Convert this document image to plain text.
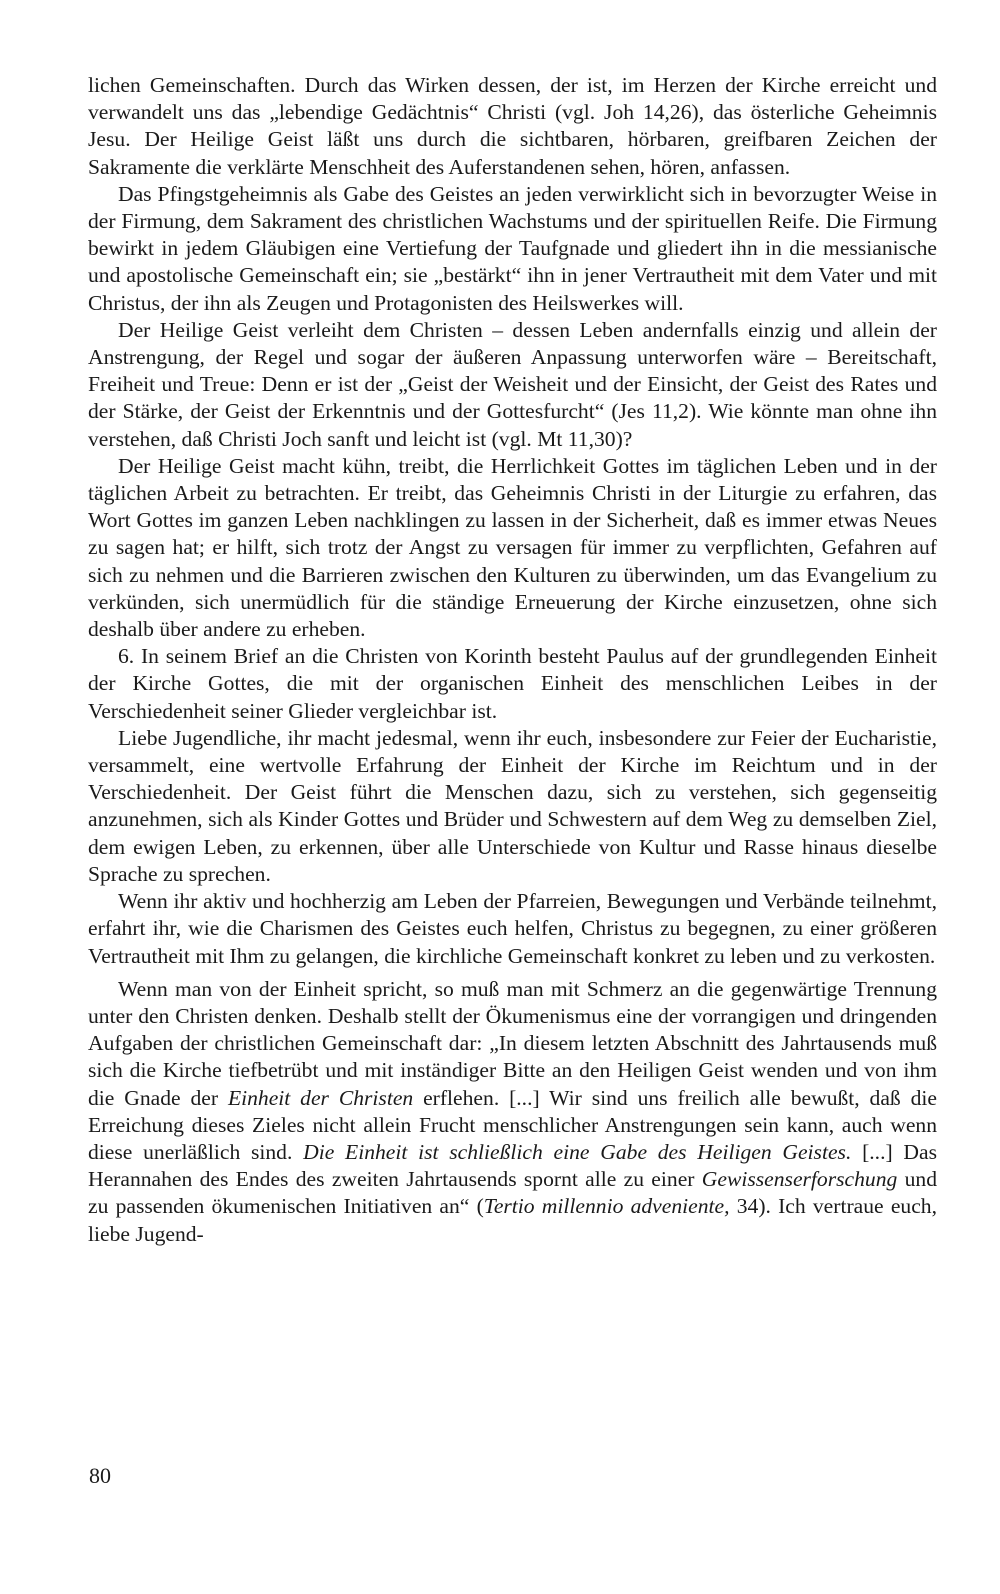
lichen Gemeinschaften. Durch das Wirken dessen, der ist, im Herzen der Kirche erreicht und verwandelt uns das „lebendige Gedächtnis“ Christi (vgl. Joh 14,26), das österliche Geheimnis Jesu. Der Heilige Geist läßt uns durch die sichtbaren, hörbaren, greifbaren Zeichen der Sakramente die verklärte Menschheit des Auferstandenen sehen, hören, anfassen.

Das Pfingstgeheimnis als Gabe des Geistes an jeden verwirklicht sich in bevorzugter Weise in der Firmung, dem Sakrament des christlichen Wachstums und der spirituellen Reife. Die Firmung bewirkt in jedem Gläubigen eine Vertiefung der Taufgnade und gliedert ihn in die messianische und apostolische Gemeinschaft ein; sie „bestärkt“ ihn in jener Vertrautheit mit dem Vater und mit Christus, der ihn als Zeugen und Protagonisten des Heilswerkes will.

Der Heilige Geist verleiht dem Christen – dessen Leben andernfalls einzig und allein der Anstrengung, der Regel und sogar der äußeren Anpassung unterworfen wäre – Bereitschaft, Freiheit und Treue: Denn er ist der „Geist der Weisheit und der Einsicht, der Geist des Rates und der Stärke, der Geist der Erkenntnis und der Gottesfurcht“ (Jes 11,2). Wie könnte man ohne ihn verstehen, daß Christi Joch sanft und leicht ist (vgl. Mt 11,30)?

Der Heilige Geist macht kühn, treibt, die Herrlichkeit Gottes im täglichen Leben und in der täglichen Arbeit zu betrachten. Er treibt, das Geheimnis Christi in der Liturgie zu erfahren, das Wort Gottes im ganzen Leben nachklingen zu lassen in der Sicherheit, daß es immer etwas Neues zu sagen hat; er hilft, sich trotz der Angst zu versagen für immer zu verpflichten, Gefahren auf sich zu nehmen und die Barrieren zwischen den Kulturen zu überwinden, um das Evangelium zu verkünden, sich unermüdlich für die ständige Erneuerung der Kirche einzusetzen, ohne sich deshalb über andere zu erheben.

6. In seinem Brief an die Christen von Korinth besteht Paulus auf der grundlegenden Einheit der Kirche Gottes, die mit der organischen Einheit des menschlichen Leibes in der Verschiedenheit seiner Glieder vergleichbar ist.

Liebe Jugendliche, ihr macht jedesmal, wenn ihr euch, insbesondere zur Feier der Eucharistie, versammelt, eine wertvolle Erfahrung der Einheit der Kirche im Reichtum und in der Verschiedenheit. Der Geist führt die Menschen dazu, sich zu verstehen, sich gegenseitig anzunehmen, sich als Kinder Gottes und Brüder und Schwestern auf dem Weg zu demselben Ziel, dem ewigen Leben, zu erkennen, über alle Unterschiede von Kultur und Rasse hinaus dieselbe Sprache zu sprechen.

Wenn ihr aktiv und hochherzig am Leben der Pfarreien, Bewegungen und Verbände teilnehmt, erfahrt ihr, wie die Charismen des Geistes euch helfen, Christus zu begegnen, zu einer größeren Vertrautheit mit Ihm zu gelangen, die kirchliche Gemeinschaft konkret zu leben und zu verkosten.

Wenn man von der Einheit spricht, so muß man mit Schmerz an die gegenwärtige Trennung unter den Christen denken. Deshalb stellt der Ökumenismus eine der vorrangigen und dringenden Aufgaben der christlichen Gemeinschaft dar: „In diesem letzten Abschnitt des Jahrtausends muß sich die Kirche tiefbetrübt und mit inständiger Bitte an den Heiligen Geist wenden und von ihm die Gnade der Einheit der Christen erflehen. [...] Wir sind uns freilich alle bewußt, daß die Erreichung dieses Zieles nicht allein Frucht menschlicher Anstrengungen sein kann, auch wenn diese unerläßlich sind. Die Einheit ist schließlich eine Gabe des Heiligen Geistes. [...] Das Herannahen des Endes des zweiten Jahrtausends spornt alle zu einer Gewissenserforschung und zu passenden ökumenischen Initiativen an“ (Tertio millennio adveniente, 34). Ich vertraue euch, liebe Jugend-

80
